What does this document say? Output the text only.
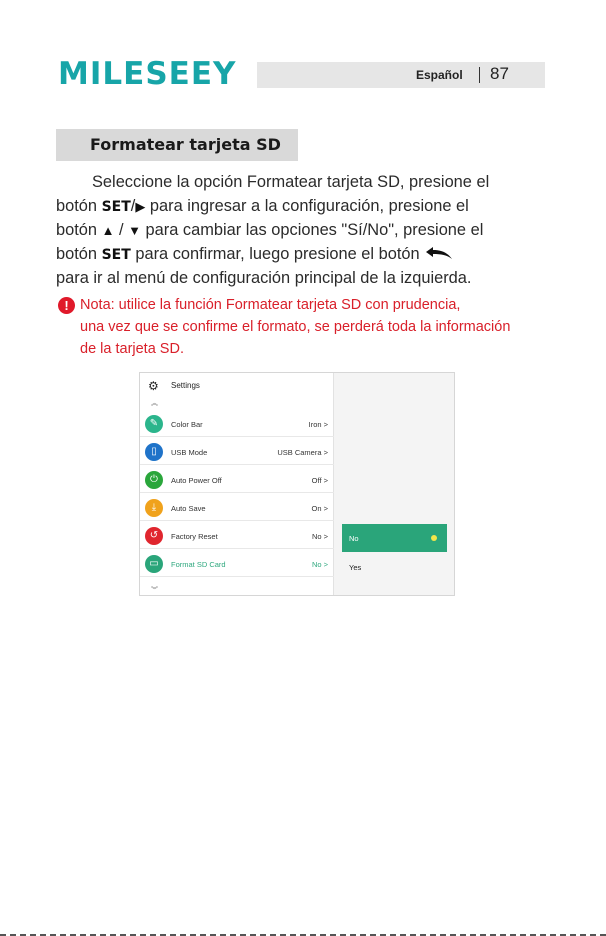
MILESEEY	Español 87
Formatear tarjeta SD
Seleccione la opción Formatear tarjeta SD, presione el
botón SET/▶ para ingresar a la configuración, presione el
botón ▲ / ▼ para cambiar las opciones "Sí/No", presione el
botón SET para confirmar, luego presione el botón
para ir al menú de configuración principal de la izquierda.
! Nota: utilice la función Formatear tarjeta SD con prudencia,
una vez que se confirme el formato, se perderá toda la información
de la tarjeta SD.
⚙ Settings
︽
✎	Color Bar	Iron >
▯	USB Mode	USB Camera >
⏻	Auto Power Off	Off >
⤓	Auto Save	On >
↺	Factory Reset	No >
▭	Format SD Card	No >
︾
No
Yes
